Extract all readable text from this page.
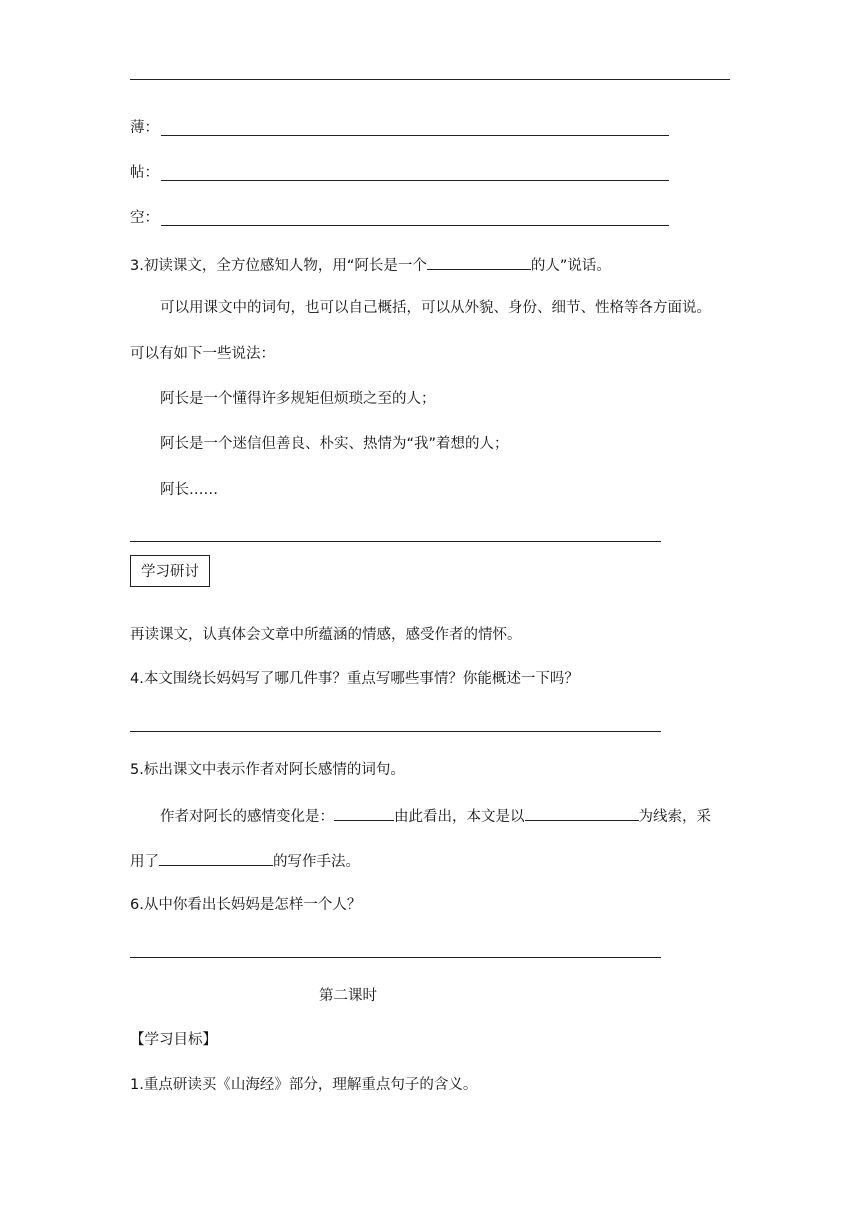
薄：
帖：
空：
3.初读课文，全方位感知人物，用“阿长是一个	的人”说话。
可以用课文中的词句，也可以自己概括，可以从外貌、身份、细节、性格等各方面说。
可以有如下一些说法：
阿长是一个懂得许多规矩但烦琐之至的人；
阿长是一个迷信但善良、朴实、热情为“我”着想的人；
阿长……
学习研讨
再读课文，认真体会文章中所蕴涵的情感，感受作者的情怀。
4.本文围绕长妈妈写了哪几件事？重点写哪些事情？你能概述一下吗？
5.标出课文中表示作者对阿长感情的词句。
作者对阿长的感情变化是：	由此看出，本文是以	为线索，采
用了	的写作手法。
6.从中你看出长妈妈是怎样一个人？
第二课时
【学习目标】
1.重点研读买《山海经》部分，理解重点句子的含义。
